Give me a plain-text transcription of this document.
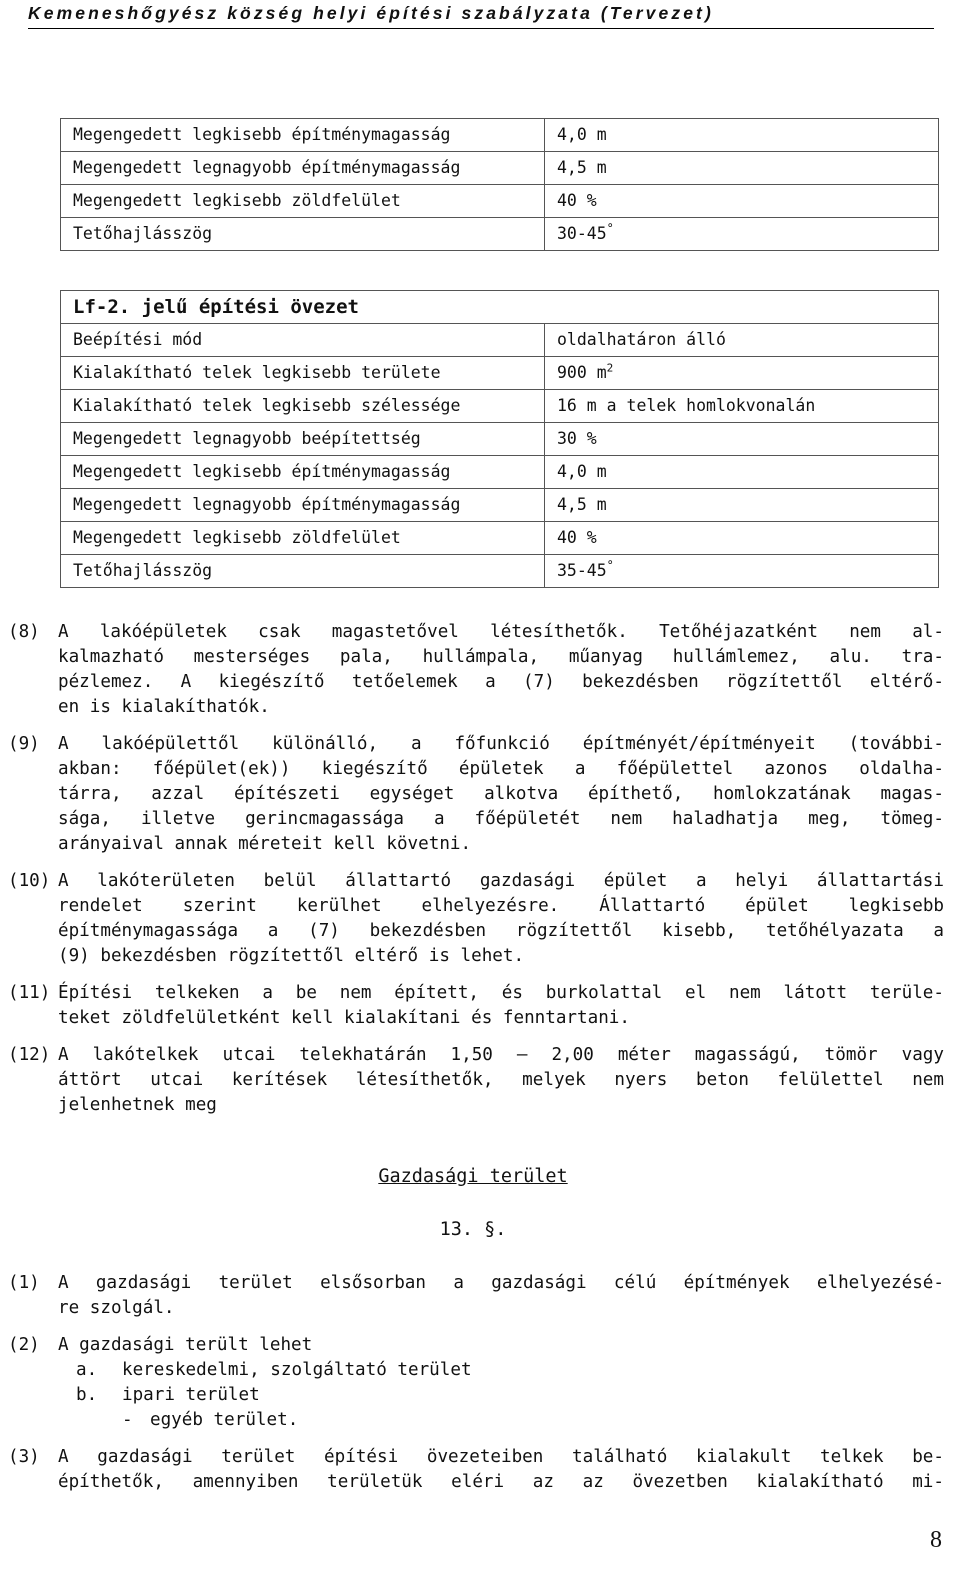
Kemeneshőgyész község helyi építési szabályzata (Tervezet)
Megengedett legkisebb építménymagasság	4,0 m
Megengedett legnagyobb építménymagasság	4,5 m
Megengedett legkisebb zöldfelület	40 %
Tetőhajlásszög	30-45°
Lf-2. jelű építési övezet	
Beépítési mód	oldalhatáron álló
Kialakítható telek legkisebb területe	900 $m^2$
Kialakítható telek legkisebb szélessége	16 m a telek homlokvonalán
Megengedett legnagyobb beépítettség	30 %
Megengedett legkisebb építménymagasság	4,0 m
Megengedett legnagyobb építménymagasság	4,5 m
Megengedett legkisebb zöldfelület	40 %
Tetőhajlásszög	35-45°
(8) A lakóépületek csak magastetővel létesíthetők. Tetőhéjazatként nem al-
kalmazható mesterséges pala, hullámpala, műanyag hullámlemez, alu. tra-
pézlemez. A kiegészítő tetőelemek a (7) bekezdésben rögzítettől eltérő-
en is kialakíthatók.
(9) A lakóépülettől különálló, a főfunkció építményét/építményeit (további-
akban: főépület(ek)) kiegészítő épületek a főépülettel azonos oldalha-
tárra, azzal építészeti egységet alkotva építhető, homlokzatának magas-
sága, illetve gerincmagassága a főépületét nem haladhatja meg, tömeg-
arányaival annak méreteit kell követni.
(10) A lakóterületen belül állattartó gazdasági épület a helyi állattartási
rendelet szerint kerülhet elhelyezésre. Állattartó épület legkisebb
építménymagassága a (7) bekezdésben rögzítettől kisebb, tetőhélyazata a
(9) bekezdésben rögzítettől eltérő is lehet.
(11) Építési telkeken a be nem épített, és burkolattal el nem látott terüle-
teket zöldfelületként kell kialakítani és fenntartani.
(12) A lakótelkek utcai telekhatárán 1,50 – 2,00 méter magasságú, tömör vagy
áttört utcai kerítések létesíthetők, melyek nyers beton felülettel nem
jelenhetnek meg
Gazdasági terület
13. §.
(1) A gazdasági terület elsősorban a gazdasági célú építmények elhelyezésé-
re szolgál.
(2) A gazdasági terült lehet
a. kereskedelmi, szolgáltató terület
b. ipari terület
- egyéb terület.
(3) A gazdasági terület építési övezeteiben található kialakult telkek be-
építhetők, amennyiben területük eléri az az övezetben kialakítható mi-
8
